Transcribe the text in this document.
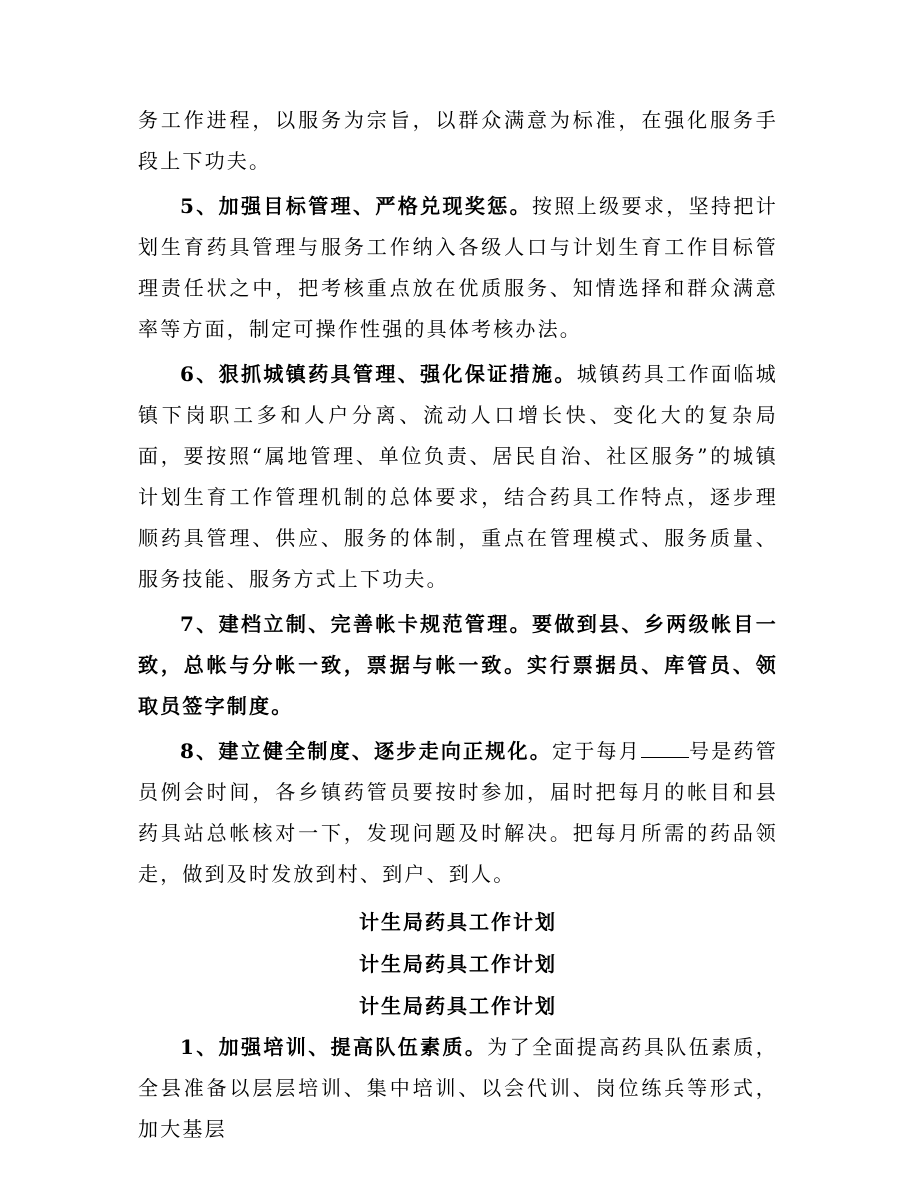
务工作进程，以服务为宗旨，以群众满意为标准，在强化服务手段上下功夫。

5、加强目标管理、严格兑现奖惩。按照上级要求，坚持把计划生育药具管理与服务工作纳入各级人口与计划生育工作目标管理责任状之中，把考核重点放在优质服务、知情选择和群众满意率等方面，制定可操作性强的具体考核办法。

6、狠抓城镇药具管理、强化保证措施。城镇药具工作面临城镇下岗职工多和人户分离、流动人口增长快、变化大的复杂局面，要按照“属地管理、单位负责、居民自治、社区服务”的城镇计划生育工作管理机制的总体要求，结合药具工作特点，逐步理顺药具管理、供应、服务的体制，重点在管理模式、服务质量、服务技能、服务方式上下功夫。

7、建档立制、完善帐卡规范管理。要做到县、乡两级帐目一致，总帐与分帐一致，票据与帐一致。实行票据员、库管员、领取员签字制度。

8、建立健全制度、逐步走向正规化。定于每月 号是药管员例会时间，各乡镇药管员要按时参加，届时把每月的帐目和县药具站总帐核对一下，发现问题及时解决。把每月所需的药品领走，做到及时发放到村、到户、到人。

计生局药具工作计划

计生局药具工作计划

计生局药具工作计划

1、加强培训、提高队伍素质。为了全面提高药具队伍素质，全县准备以层层培训、集中培训、以会代训、岗位练兵等形式，加大基层
